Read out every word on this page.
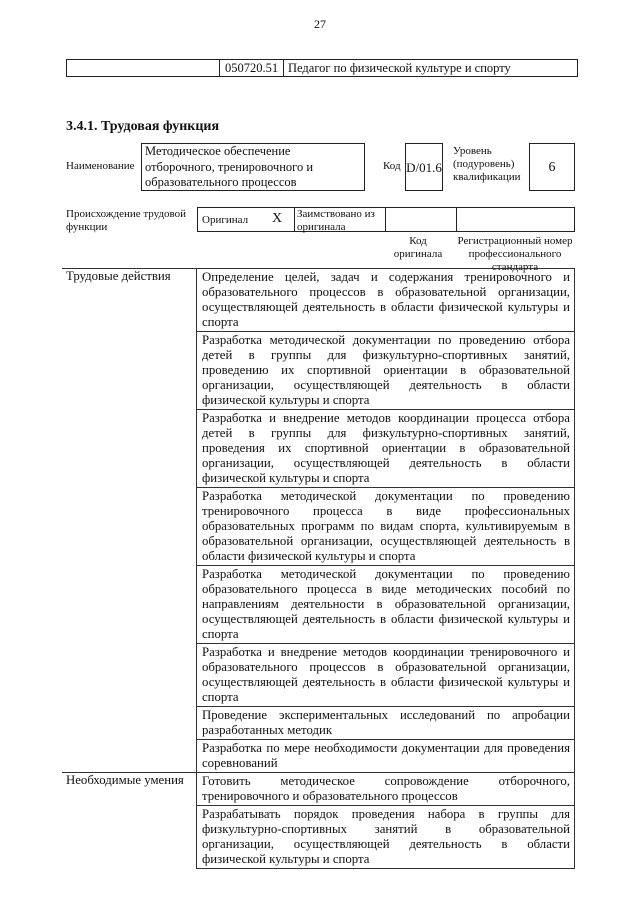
27
050720.51 Педагог по физической культуре и спорту
3.4.1. Трудовая функция
Наименование
Методическое обеспечение отборочного, тренировочного и образовательного процессов
Код D/01.6
Уровень (подуровень) квалификации
6
Происхождение трудовой функции
Оригинал X Заимствовано из оригинала
Код оригинала
Регистрационный номер профессионального стандарта
Трудовые действия	Определение целей, задач и содержания тренировочного и образовательного процессов в образовательной организации, осуществляющей деятельность в области физической культуры и спорта
	Разработка методической документации по проведению отбора детей в группы для физкультурно-спортивных занятий, проведению их спортивной ориентации в образовательной организации, осуществляющей деятельность в области физической культуры и спорта
	Разработка и внедрение методов координации процесса отбора детей в группы для физкультурно-спортивных занятий, проведения их спортивной ориентации в образовательной организации, осуществляющей деятельность в области физической культуры и спорта
	Разработка методической документации по проведению тренировочного процесса в виде профессиональных образовательных программ по видам спорта, культивируемым в образовательной организации, осуществляющей деятельность в области физической культуры и спорта
	Разработка методической документации по проведению образовательного процесса в виде методических пособий по направлениям деятельности в образовательной организации, осуществляющей деятельность в области физической культуры и спорта
	Разработка и внедрение методов координации тренировочного и образовательного процессов в образовательной организации, осуществляющей деятельность в области физической культуры и спорта
	Проведение экспериментальных исследований по апробации разработанных методик
	Разработка по мере необходимости документации для проведения соревнований
Необходимые умения	Готовить методическое сопровождение отборочного, тренировочного и образовательного процессов
	Разрабатывать порядок проведения набора в группы для физкультурно-спортивных занятий в образовательной организации, осуществляющей деятельность в области физической культуры и спорта
